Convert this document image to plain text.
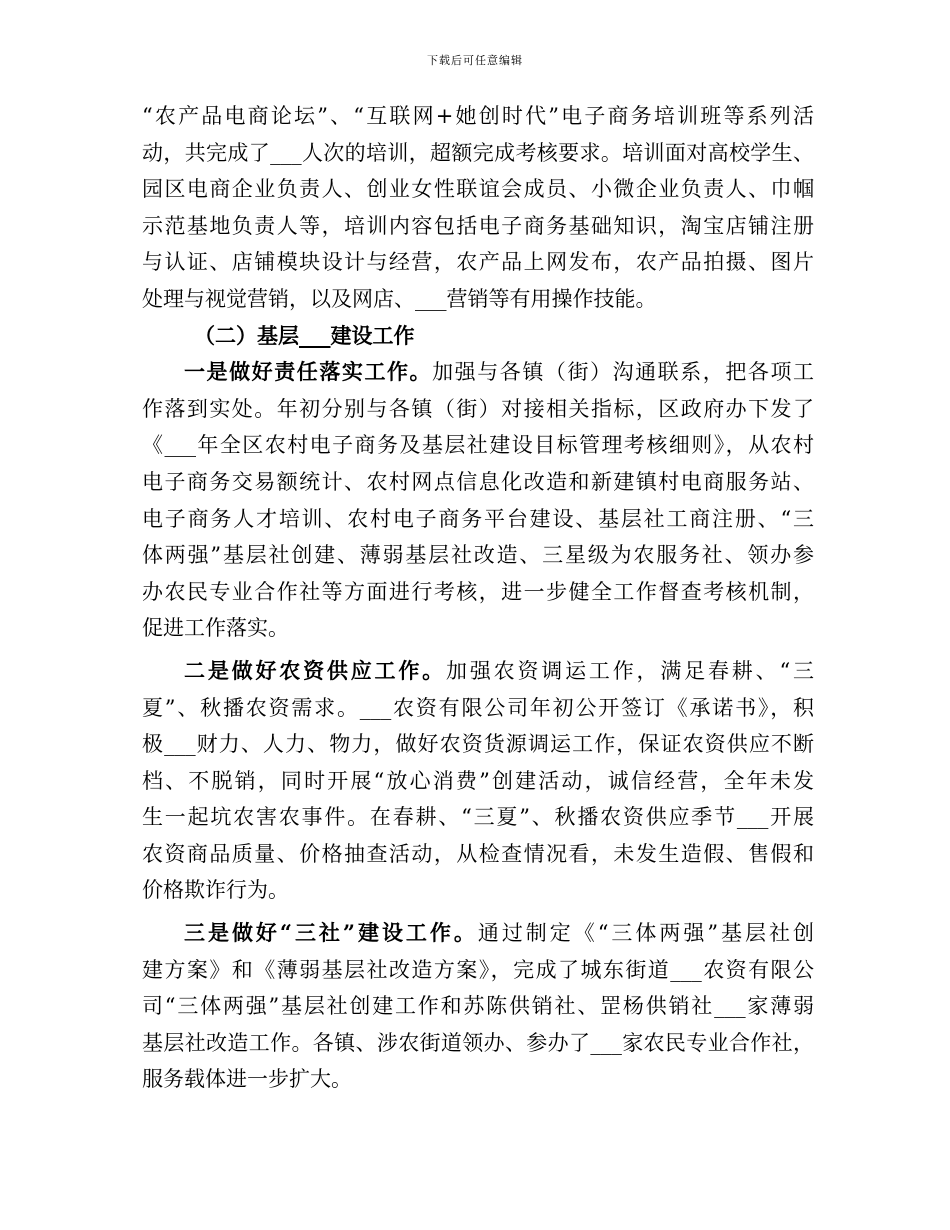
下载后可任意编辑
“农产品电商论坛”、“互联网+她创时代”电子商务培训班等系列活
动，共完成了___人次的培训，超额完成考核要求。培训面对高校学生、
园区电商企业负责人、创业女性联谊会成员、小微企业负责人、巾帼
示范基地负责人等，培训内容包括电子商务基础知识，淘宝店铺注册
与认证、店铺模块设计与经营，农产品上网发布，农产品拍摄、图片
处理与视觉营销，以及网店、___营销等有用操作技能。
（二）基层___建设工作
一是做好责任落实工作。加强与各镇（街）沟通联系，把各项工
作落到实处。年初分别与各镇（街）对接相关指标，区政府办下发了
《___年全区农村电子商务及基层社建设目标管理考核细则》，从农村
电子商务交易额统计、农村网点信息化改造和新建镇村电商服务站、
电子商务人才培训、农村电子商务平台建设、基层社工商注册、“三
体两强”基层社创建、薄弱基层社改造、三星级为农服务社、领办参
办农民专业合作社等方面进行考核，进一步健全工作督查考核机制，
促进工作落实。
二是做好农资供应工作。加强农资调运工作，满足春耕、“三
夏”、秋播农资需求。___农资有限公司年初公开签订《承诺书》，积
极___财力、人力、物力，做好农资货源调运工作，保证农资供应不断
档、不脱销，同时开展“放心消费”创建活动，诚信经营，全年未发
生一起坑农害农事件。在春耕、“三夏”、秋播农资供应季节___开展
农资商品质量、价格抽查活动，从检查情况看，未发生造假、售假和
价格欺诈行为。
三是做好“三社”建设工作。通过制定《“三体两强”基层社创
建方案》和《薄弱基层社改造方案》，完成了城东街道___农资有限公
司“三体两强”基层社创建工作和苏陈供销社、罡杨供销社___家薄弱
基层社改造工作。各镇、涉农街道领办、参办了___家农民专业合作社，
服务载体进一步扩大。
